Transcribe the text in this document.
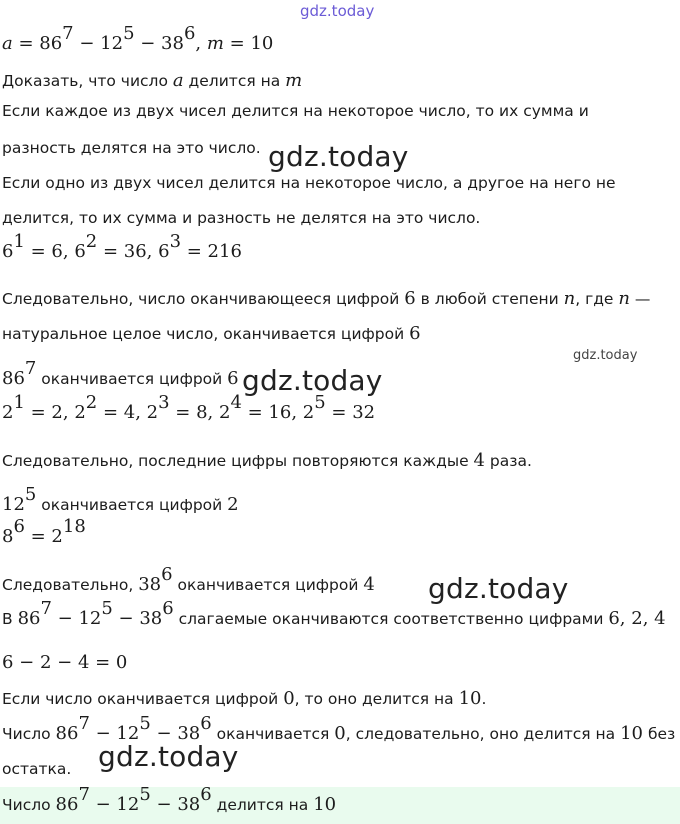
gdz.today
gdz.today
gdz.today
gdz.today
gdz.today
gdz.today
$a = 86^7 - 12^5 - 38^6$, m = 10
Доказать, что число a делится на m
Если каждое из двух чисел делится на некоторое число, то их сумма и
разность делятся на это число.
Если одно из двух чисел делится на некоторое число, а другое на него не
делится, то их сумма и разность не делятся на это число.
$6^1 = 6$, $6^2 = 36$, $6^3 = 216$
Следовательно, число оканчивающееся цифрой 6 в любой степени n, где n —
натуральное целое число, оканчивается цифрой 6
$86^7$ оканчивается цифрой 6
$2^1 = 2$, $2^2 = 4$, $2^3 = 8$, $2^4 = 16$, $2^5 = 32$
Следовательно, последние цифры повторяются каждые 4 раза.
$12^5$ оканчивается цифрой 2
$8^6 = 2^{18}$
Следовательно, $38^6$ оканчивается цифрой 4
В $86^7 - 12^5 - 38^6$ слагаемые оканчиваются соответственно цифрами 6, 2, 4
6 − 2 − 4 = 0
Если число оканчивается цифрой 0, то оно делится на 10.
Число $86^7 - 12^5 - 38^6$ оканчивается 0, следовательно, оно делится на 10 без
остатка.
Число $86^7 - 12^5 - 38^6$ делится на 10
